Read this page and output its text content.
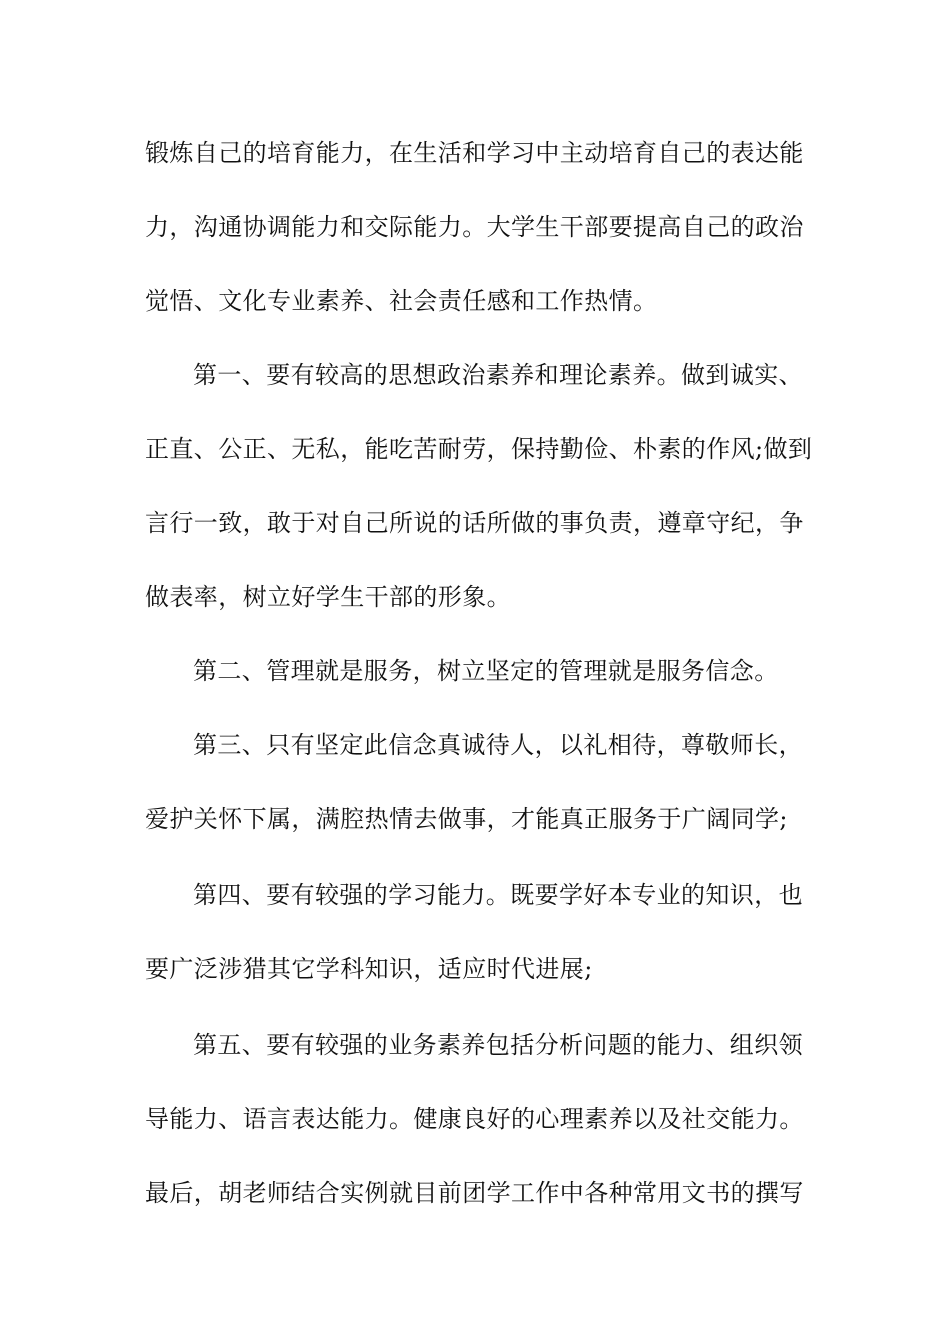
锻炼自己的培育能力，在生活和学习中主动培育自己的表达能
力，沟通协调能力和交际能力。大学生干部要提高自己的政治
觉悟、文化专业素养、社会责任感和工作热情。
第一、要有较高的思想政治素养和理论素养。做到诚实、
正直、公正、无私，能吃苦耐劳，保持勤俭、朴素的作风;做到
言行一致，敢于对自己所说的话所做的事负责，遵章守纪，争
做表率，树立好学生干部的形象。
第二、管理就是服务，树立坚定的管理就是服务信念。
第三、只有坚定此信念真诚待人，以礼相待，尊敬师长，
爱护关怀下属，满腔热情去做事，才能真正服务于广阔同学;
第四、要有较强的学习能力。既要学好本专业的知识，也
要广泛涉猎其它学科知识，适应时代进展;
第五、要有较强的业务素养包括分析问题的能力、组织领
导能力、语言表达能力。健康良好的心理素养以及社交能力。
最后，胡老师结合实例就目前团学工作中各种常用文书的撰写
